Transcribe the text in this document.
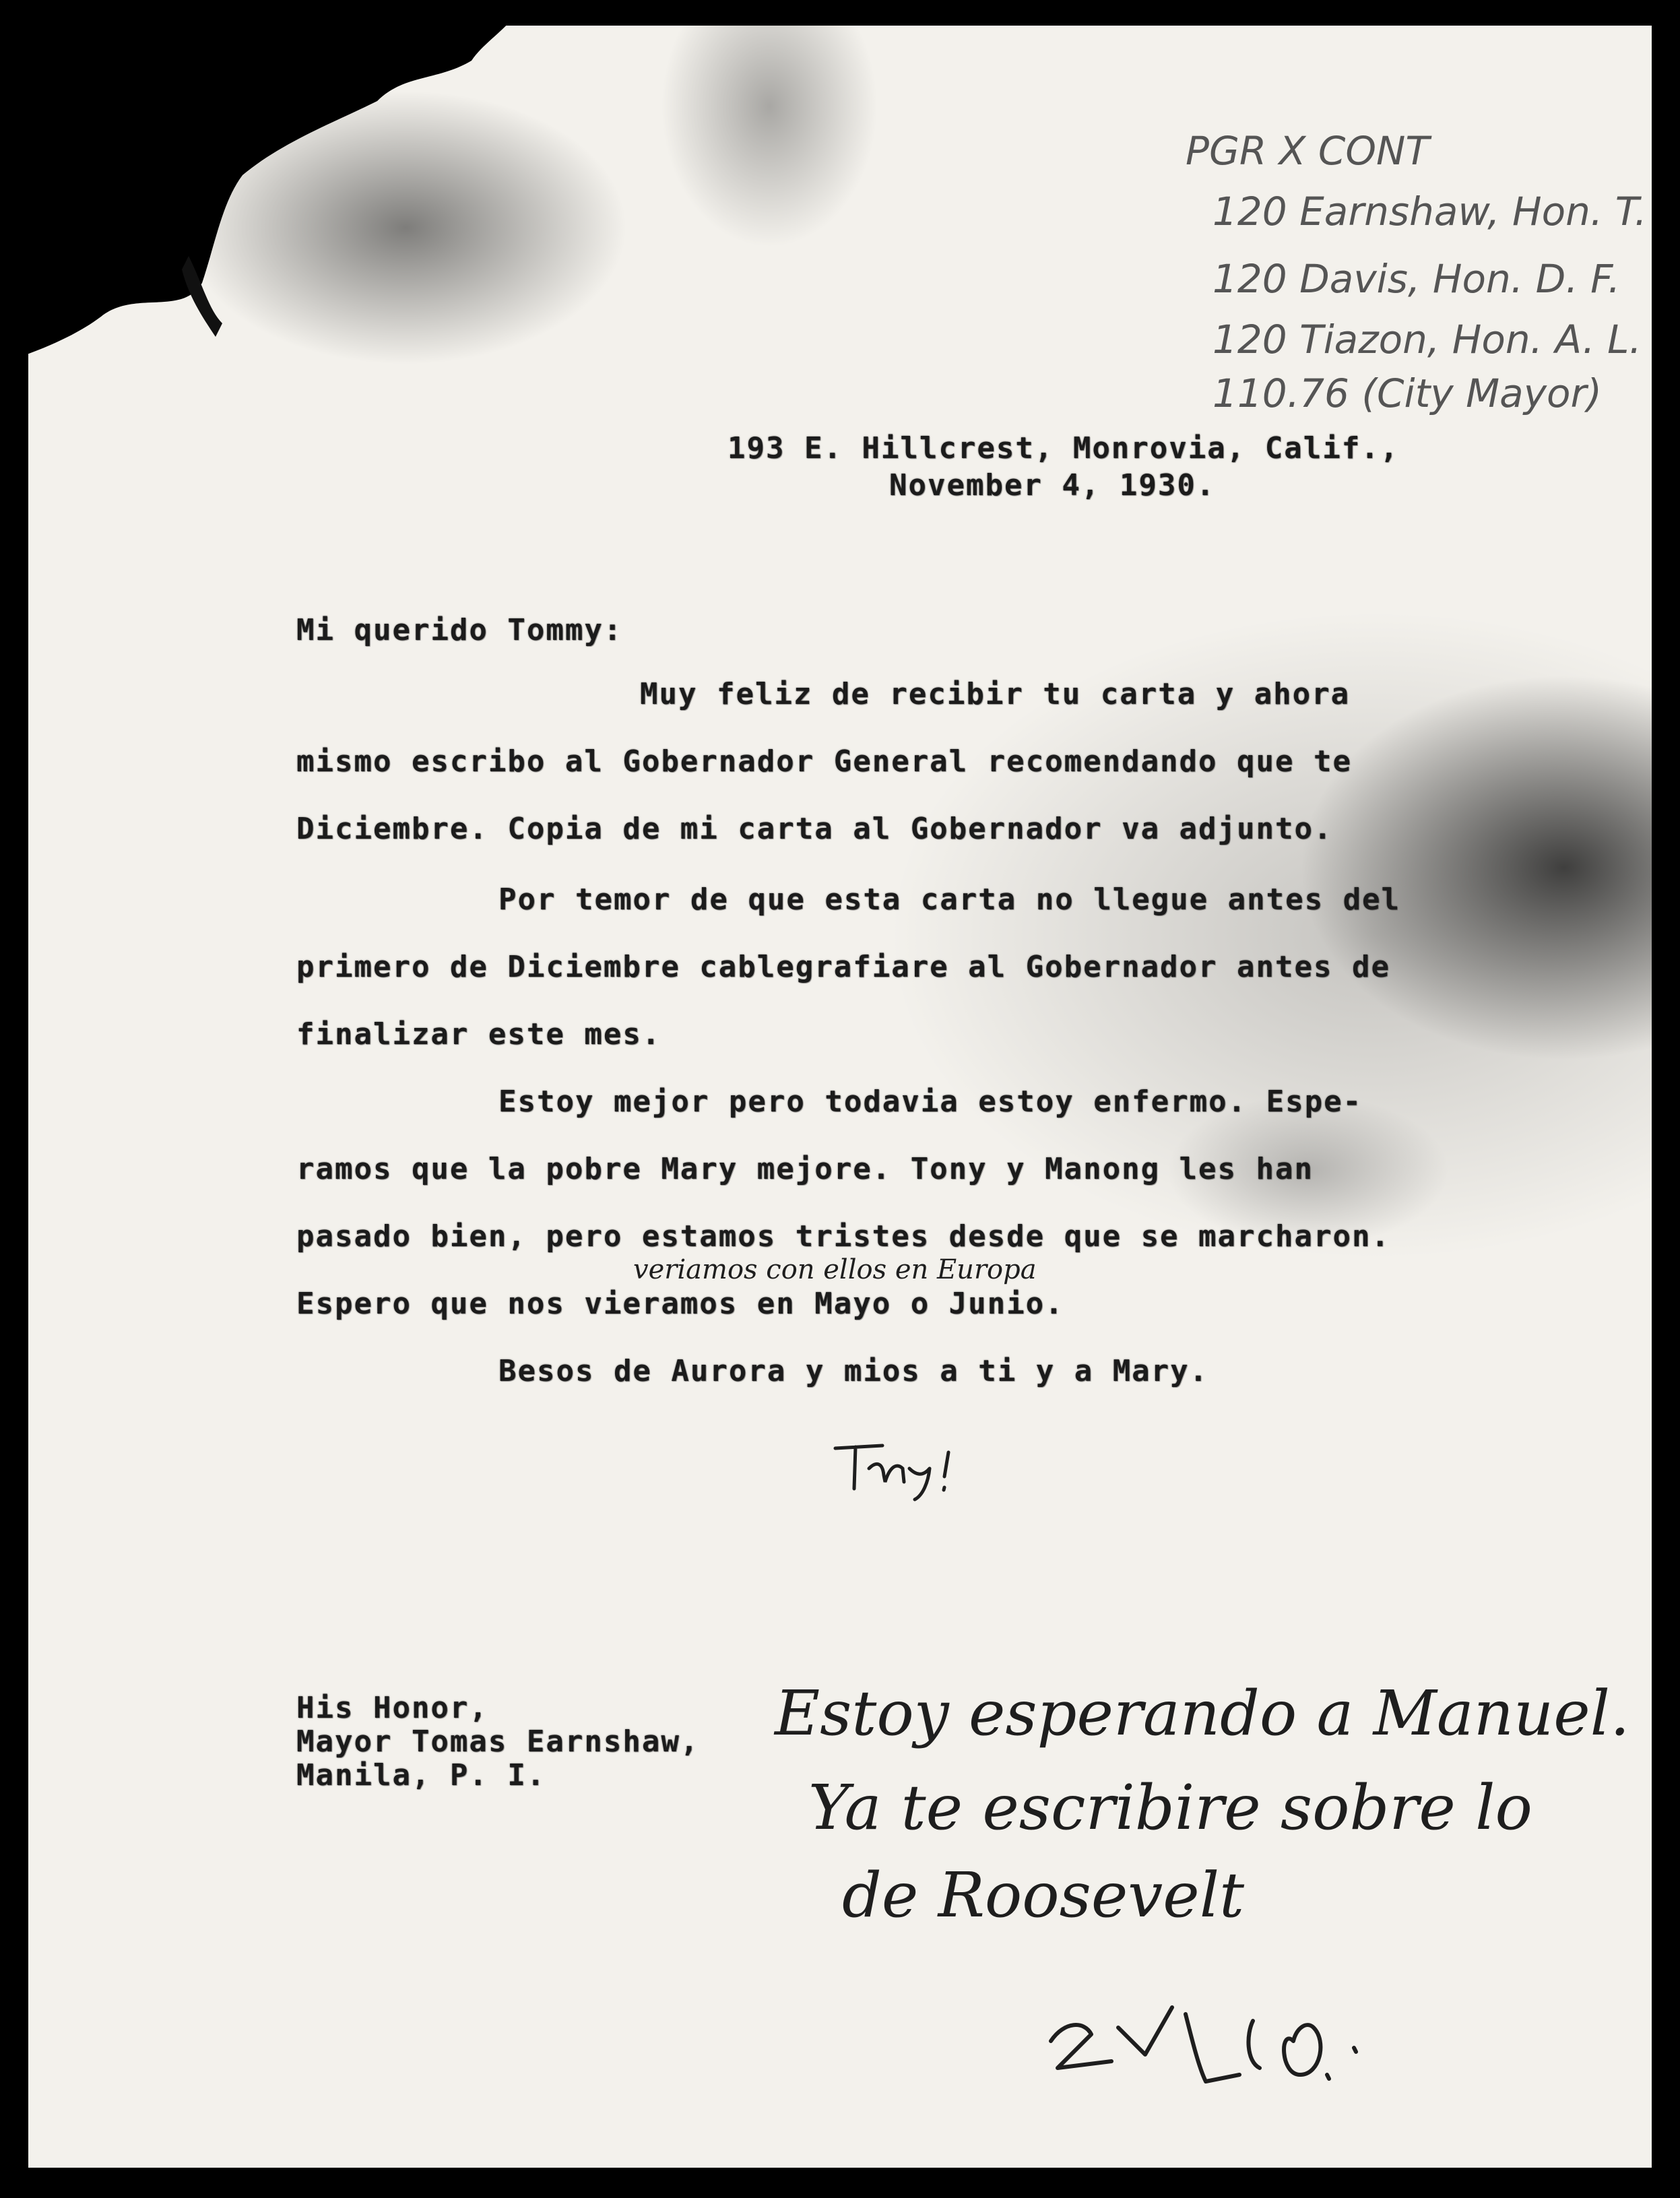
PGR X CONT

120 Earnshaw, Hon. T.

120 Davis, Hon. D. F.

120 Tiazon, Hon. A. L.

110.76 (City Mayor)

193 E. Hillcrest, Monrovia, Calif.,

November 4, 1930.

Mi querido Tommy:

Muy feliz de recibir tu carta y ahora

mismo escribo al Gobernador General recomendando que te

Diciembre. Copia de mi carta al Gobernador va adjunto.

Por temor de que esta carta no llegue antes del

primero de Diciembre cablegrafiare al Gobernador antes de

finalizar este mes.

Estoy mejor pero todavia estoy enfermo. Espe-

ramos que la pobre Mary mejore. Tony y Manong les han

pasado bien, pero estamos tristes desde que se marcharon.

veriamos con ellos en Europa

Espero que nos vieramos en Mayo o Junio.

Besos de Aurora y mios a ti y a Mary.

His Honor,

Mayor Tomas Earnshaw,

Manila, P. I.

Estoy esperando a Manuel.

Ya te escribire sobre lo

de Roosevelt
